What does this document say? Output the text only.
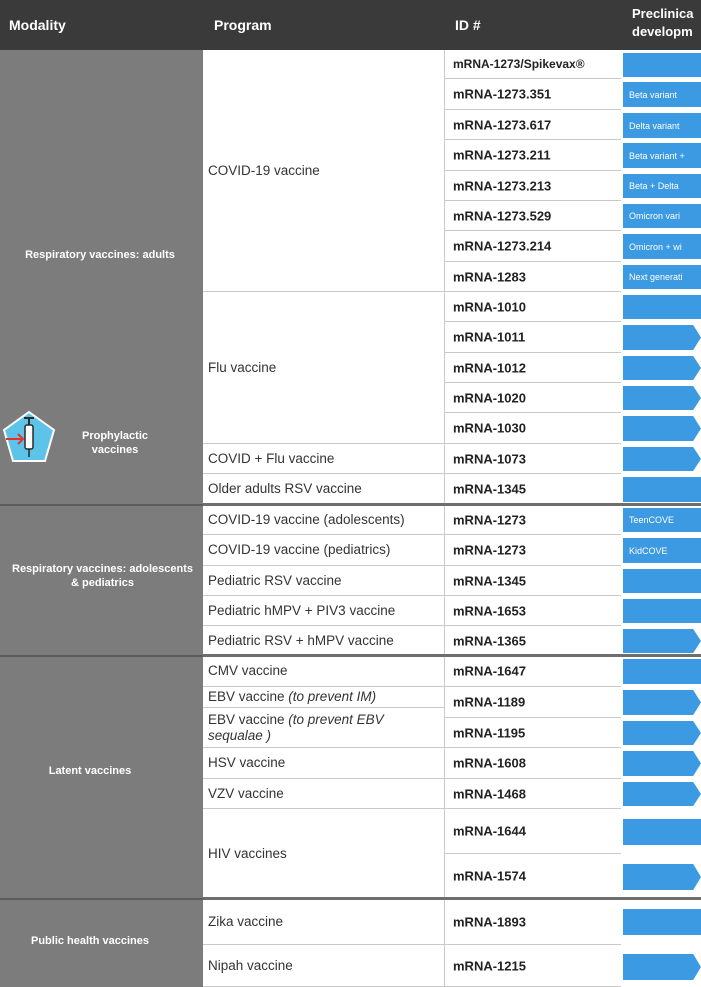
Modality	Program	ID #
Preclinica
developm
Respiratory vaccines: adults
Prophylactic vaccines
Respiratory vaccines: adolescents & pediatrics
Latent vaccines
Public health vaccines
COVID-19 vaccine
Flu vaccine
COVID + Flu vaccine
Older adults RSV vaccine
COVID-19 vaccine (adolescents)
COVID-19 vaccine (pediatrics)
Pediatric RSV vaccine
Pediatric hMPV + PIV3 vaccine
Pediatric RSV + hMPV vaccine
CMV vaccine
EBV vaccine (to prevent IM)
EBV vaccine (to prevent EBV sequalae )
HSV vaccine
VZV vaccine
HIV vaccines
Zika vaccine
Nipah vaccine
mRNA-1273/Spikevax®
mRNA-1273.351
mRNA-1273.617
mRNA-1273.211
mRNA-1273.213
mRNA-1273.529
mRNA-1273.214
mRNA-1283
mRNA-1010
mRNA-1011
mRNA-1012
mRNA-1020
mRNA-1030
mRNA-1073
mRNA-1345
mRNA-1273
mRNA-1273
mRNA-1345
mRNA-1653
mRNA-1365
mRNA-1647
mRNA-1189
mRNA-1195
mRNA-1608
mRNA-1468
mRNA-1644
mRNA-1574
mRNA-1893
mRNA-1215
Beta variant
Delta variant
Beta variant +
Beta + Delta
Omicron vari
Omicron + wi
Next generati
TeenCOVE
KidCOVE
